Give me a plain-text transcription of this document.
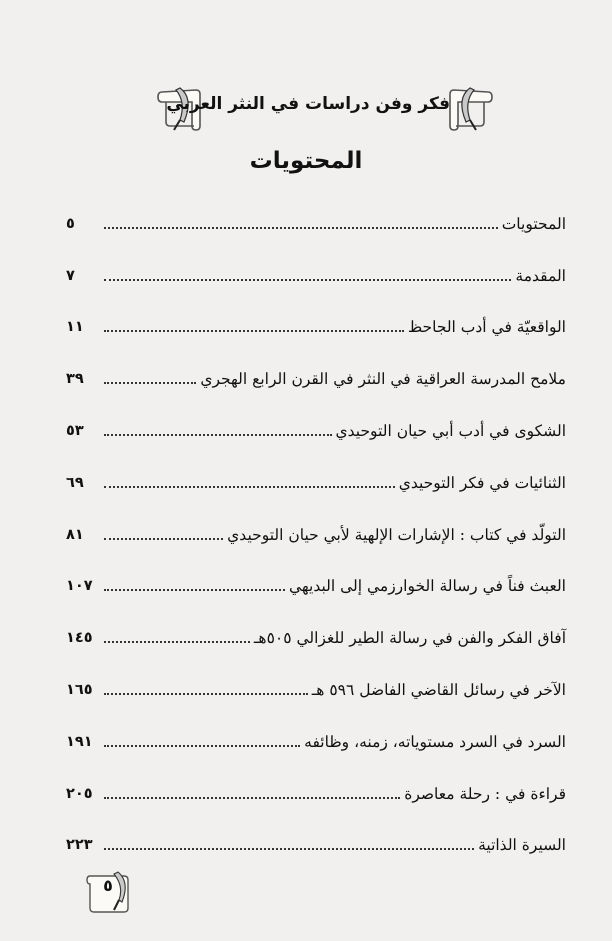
فكر وفن دراسات في النثر العربي
المحتويات
المحتويات
٥
المقدمة
٧
الواقعيّة في أدب الجاحظ
١١
ملامح المدرسة العراقية في النثر في القرن الرابع الهجري
٣٩
الشكوى في أدب أبي حيان التوحيدي
٥٣
الثنائيات في فكر التوحيدي
٦٩
التولّد في كتاب : الإشارات الإلهية لأبي حيان التوحيدي
٨١
العبث فناً في رسالة الخوارزمي إلى البديهي
١٠٧
آفاق الفكر والفن في رسالة الطير للغزالي ٥٠٥هـ
١٤٥
الآخر في رسائل القاضي الفاضل ٥٩٦ هـ
١٦٥
السرد في السرد مستوياته، زمنه، وظائفه
١٩١
قراءة في : رحلة معاصرة
٢٠٥
السيرة الذاتية
٢٢٣
٥
